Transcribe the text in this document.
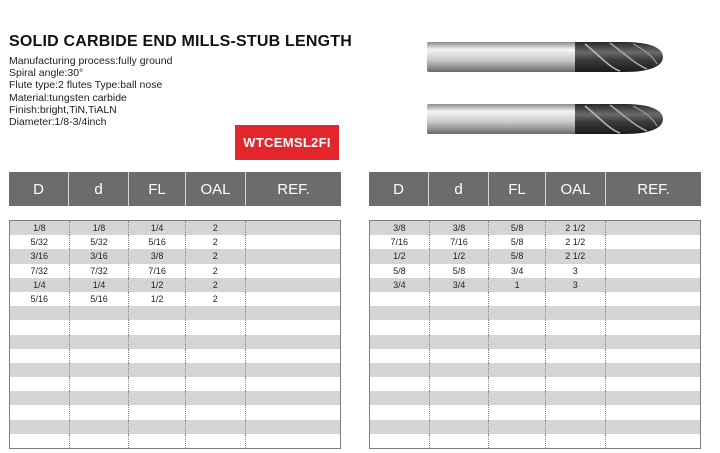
SOLID CARBIDE END MILLS-STUB LENGTH
Manufacturing process:fully ground
Spiral angle:30°
Flute type:2 flutes Type:ball nose
Material:tungsten carbide
Finish:bright,TiN,TiALN
Diameter:1/8-3/4inch
WTCEMSL2FI
D	d	FL	OAL	REF.
1/8	1/8	1/4	2
5/32	5/32	5/16	2
3/16	3/16	3/8	2
7/32	7/32	7/16	2
1/4	1/4	1/2	2
5/16	5/16	1/2	2
D	d	FL	OAL	REF.
3/8	3/8	5/8	2 1/2
7/16	7/16	5/8	2 1/2
1/2	1/2	5/8	2 1/2
5/8	5/8	3/4	3
3/4	3/4	1	3
